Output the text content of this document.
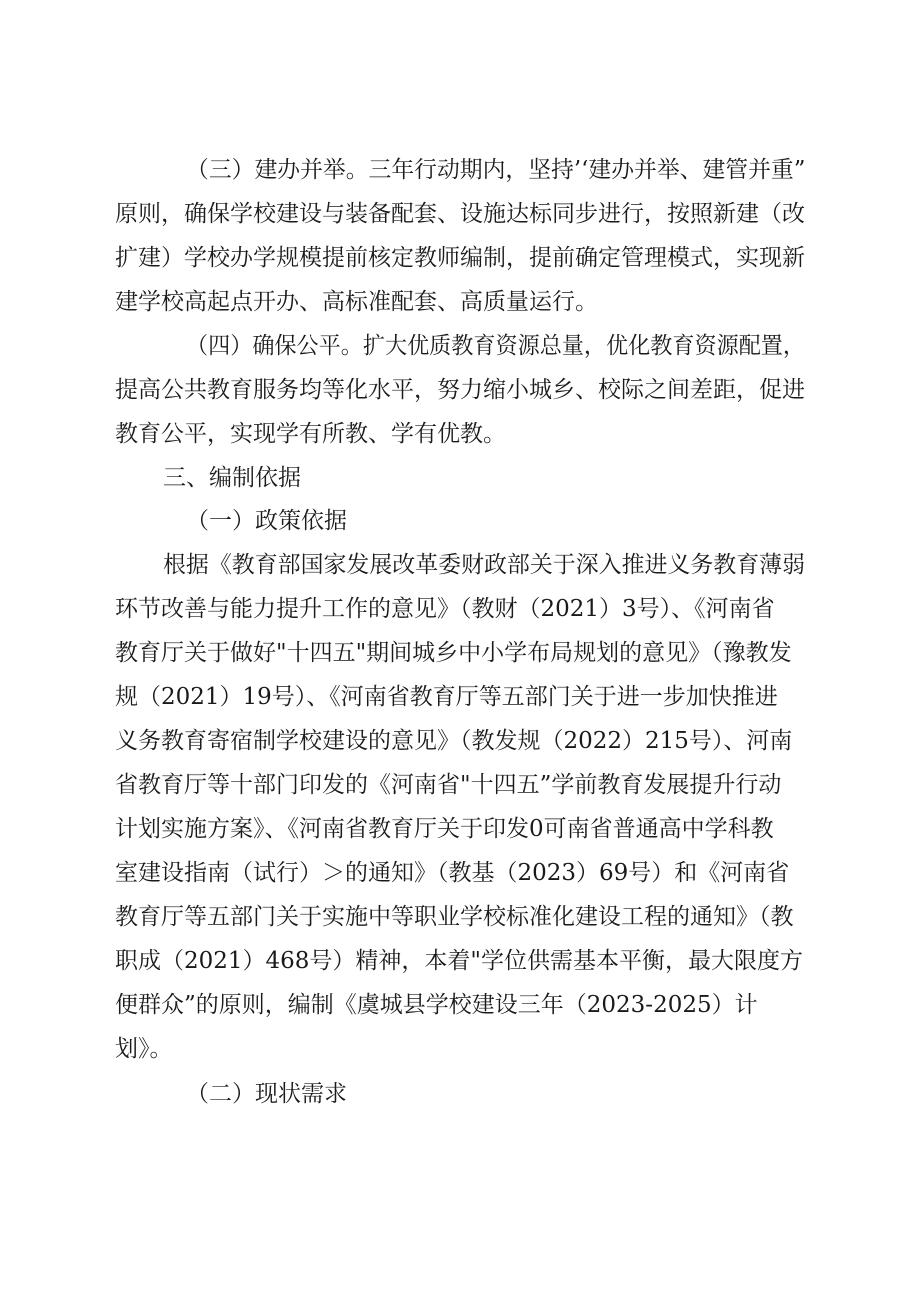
（三）建办并举。三年行动期内，坚持’‘建办并举、建管并重”
原则，确保学校建设与装备配套、设施达标同步进行，按照新建（改
扩建）学校办学规模提前核定教师编制，提前确定管理模式，实现新
建学校高起点开办、高标准配套、高质量运行。
（四）确保公平。扩大优质教育资源总量，优化教育资源配置，
提高公共教育服务均等化水平，努力缩小城乡、校际之间差距，促进
教育公平，实现学有所教、学有优教。
三、编制依据
（一）政策依据
根据《教育部国家发展改革委财政部关于深入推进义务教育薄弱
环节改善与能力提升工作的意见》（教财（2021）3号）、《河南省
教育厅关于做好"十四五"期间城乡中小学布局规划的意见》（豫教发
规（2021）19号）、《河南省教育厅等五部门关于进一步加快推进
义务教育寄宿制学校建设的意见》（教发规（2022）215号）、河南
省教育厅等十部门印发的《河南省"十四五”学前教育发展提升行动
计划实施方案》、《河南省教育厅关于印发0可南省普通高中学科教
室建设指南（试行）＞的通知》（教基（2023）69号）和《河南省
教育厅等五部门关于实施中等职业学校标准化建设工程的通知》（教
职成（2021）468号）精神，本着"学位供需基本平衡，最大限度方
便群众”的原则，编制《虞城县学校建设三年（2023-2025）计
划》。
（二）现状需求
